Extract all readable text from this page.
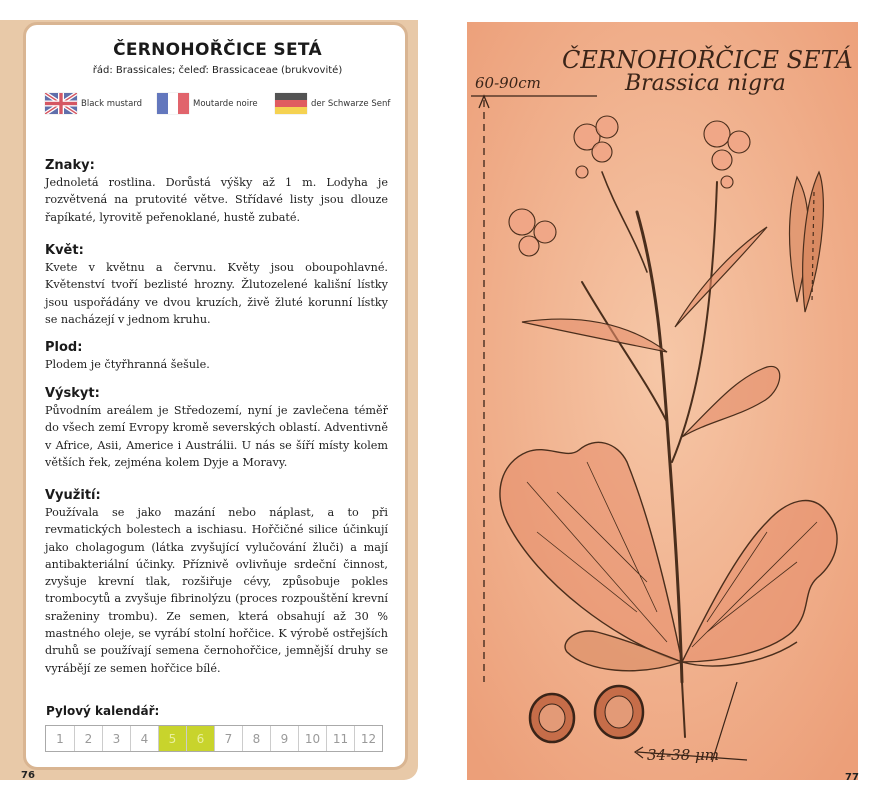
ČERNOHOŘČICE SETÁ
řád: Brassicales; čeleď: Brassicaceae (brukvovité)
Black mustard	Moutarde noire	der Schwarze Senf
Znaky:
Jednoletá rostlina. Dorůstá výšky až 1 m. Lodyha je rozvětvená na prutovité větve. Střídavé listy jsou dlouze řapíkaté, lyrovitě peřenoklané, hustě zubaté.
Květ:
Kvete v květnu a červnu. Květy jsou oboupohlavné. Květenství tvoří bezlisté hrozny. Žlutozelené kališní lístky jsou uspořádány ve dvou kruzích, živě žluté korunní lístky se nacházejí v jednom kruhu.
Plod:
Plodem je čtyřhranná šešule.
Výskyt:
Původním areálem je Středozemí, nyní je zavlečena téměř do všech zemí Evropy kromě severských oblastí. Adventivně v Africe, Asii, Americe i Austrálii. U nás se šíří místy kolem větších řek, zejména kolem Dyje a Moravy.
Využití:
Používala se jako mazání nebo náplast, a to při revmatických bolestech a ischiasu. Hořčičné silice účinkují jako cholagogum (látka zvyšující vylučování žluči) a mají antibakteriální účinky. Příznivě ovlivňuje srdeční činnost, zvyšuje krevní tlak, rozšiřuje cévy, způsobuje pokles trombocytů a zvyšuje fibrinolýzu (proces rozpouštění krevní sraženiny trombu). Ze semen, která obsahují až 30 % mastného oleje, se vyrábí stolní hořčice. K výrobě ostřejších druhů se používají semena černohořčice, jemnější druhy se vyrábějí ze semen hořčice bílé.
Pylový kalendář:
1	2	3	4	5	6	7	8	9	10	11	12
76
ČERNOHOŘČICE SETÁ
Brassica nigra
60-90cm
34-38 μm
77
